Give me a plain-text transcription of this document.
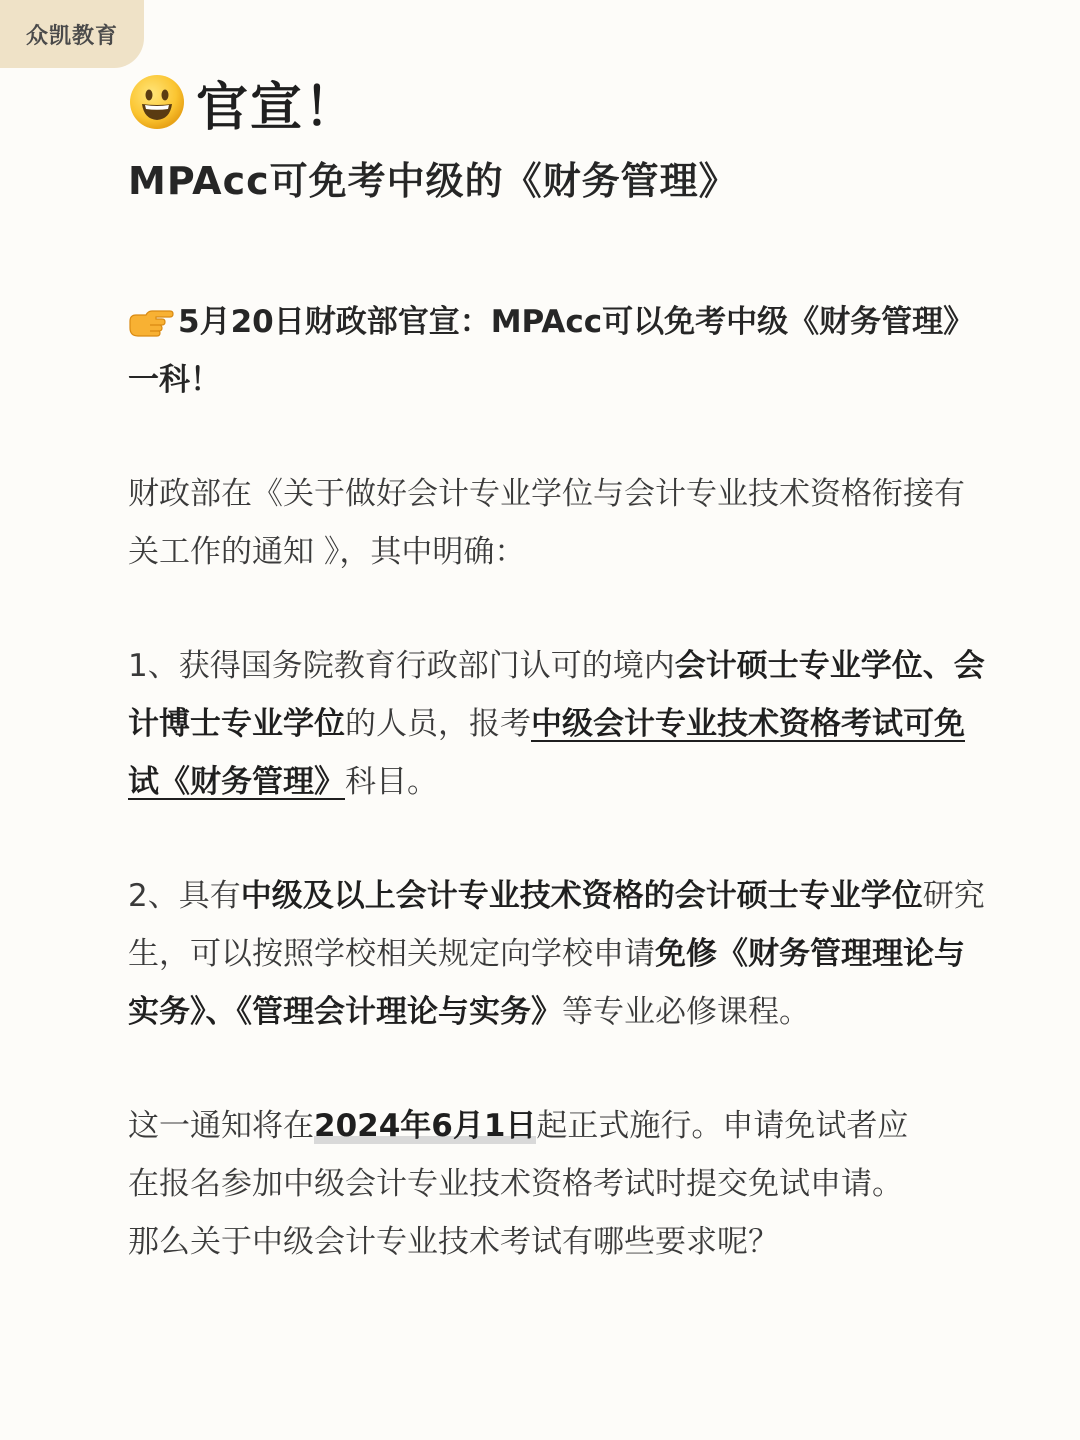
众凯教育
官宣！
MPAcc可免考中级的《财务管理》
5月20日财政部官宣：MPAcc可以免考中级《财务管理》一科！
财政部在《关于做好会计专业学位与会计专业技术资格衔接有关工作的通知 》，其中明确：
1、获得国务院教育行政部门认可的境内会计硕士专业学位、会计博士专业学位的人员，报考中级会计专业技术资格考试可免试《财务管理》科目。
2、具有中级及以上会计专业技术资格的会计硕士专业学位研究生，可以按照学校相关规定向学校申请免修《财务管理理论与实务》、《管理会计理论与实务》等专业必修课程。
这一通知将在2024年6月1日起正式施行。申请免试者应在报名参加中级会计专业技术资格考试时提交免试申请。那么关于中级会计专业技术考试有哪些要求呢？
